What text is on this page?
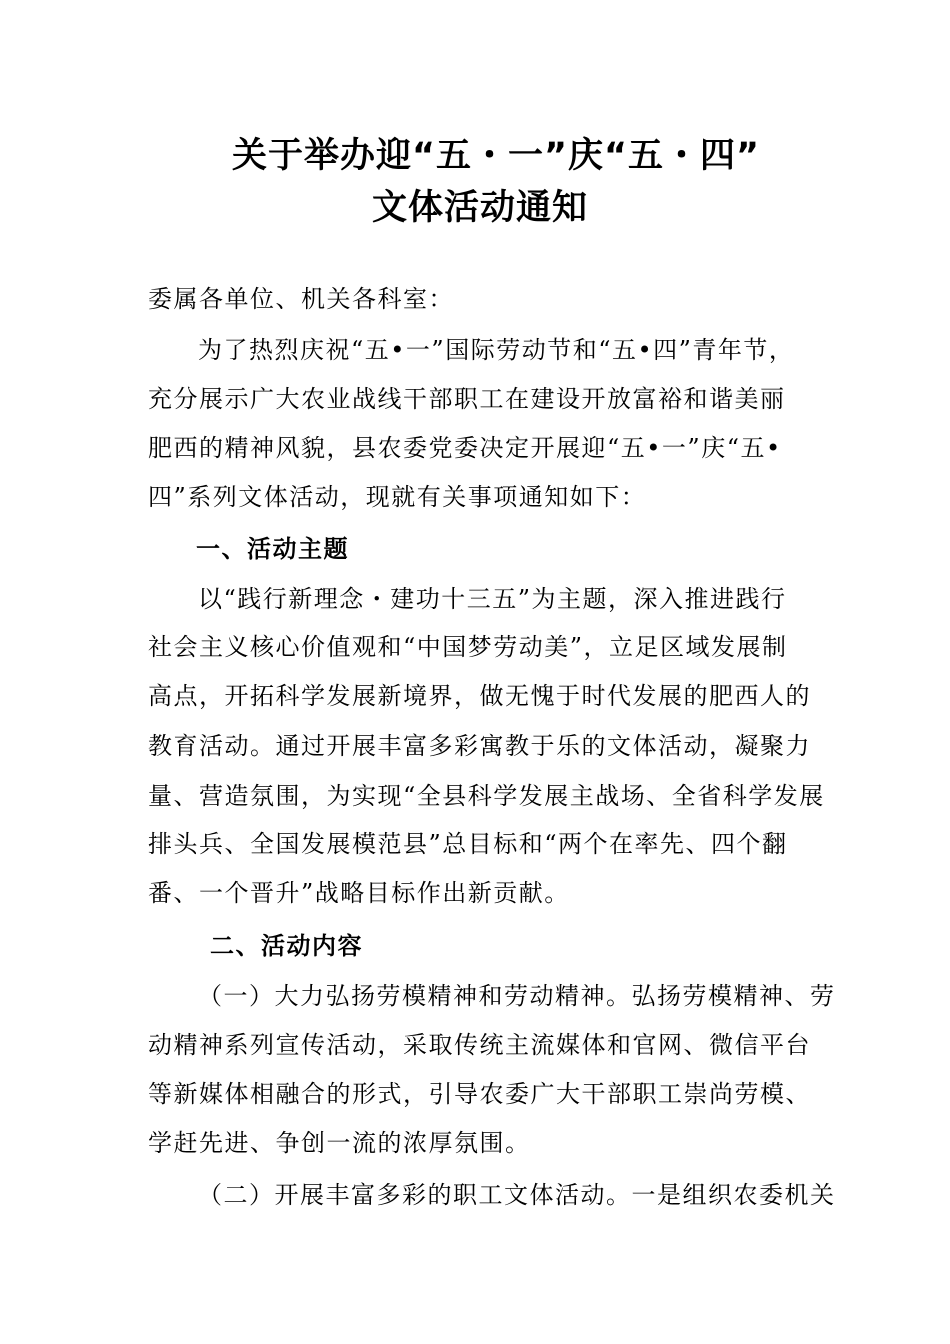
关于举办迎“五・一”庆“五・四”
文体活动通知
委属各单位、机关各科室：
为了热烈庆祝“五•一”国际劳动节和“五•四”青年节，
充分展示广大农业战线干部职工在建设开放富裕和谐美丽
肥西的精神风貌，县农委党委决定开展迎“五•一”庆“五•
四”系列文体活动，现就有关事项通知如下：
一、活动主题
以“践行新理念・建功十三五”为主题，深入推进践行
社会主义核心价值观和“中国梦劳动美”，立足区域发展制
高点，开拓科学发展新境界，做无愧于时代发展的肥西人的
教育活动。通过开展丰富多彩寓教于乐的文体活动，凝聚力
量、营造氛围，为实现“全县科学发展主战场、全省科学发展
排头兵、全国发展模范县”总目标和“两个在率先、四个翻
番、一个晋升”战略目标作出新贡献。
二、活动内容
（一）大力弘扬劳模精神和劳动精神。弘扬劳模精神、劳
动精神系列宣传活动，采取传统主流媒体和官网、微信平台
等新媒体相融合的形式，引导农委广大干部职工崇尚劳模、
学赶先进、争创一流的浓厚氛围。
（二）开展丰富多彩的职工文体活动。一是组织农委机关
